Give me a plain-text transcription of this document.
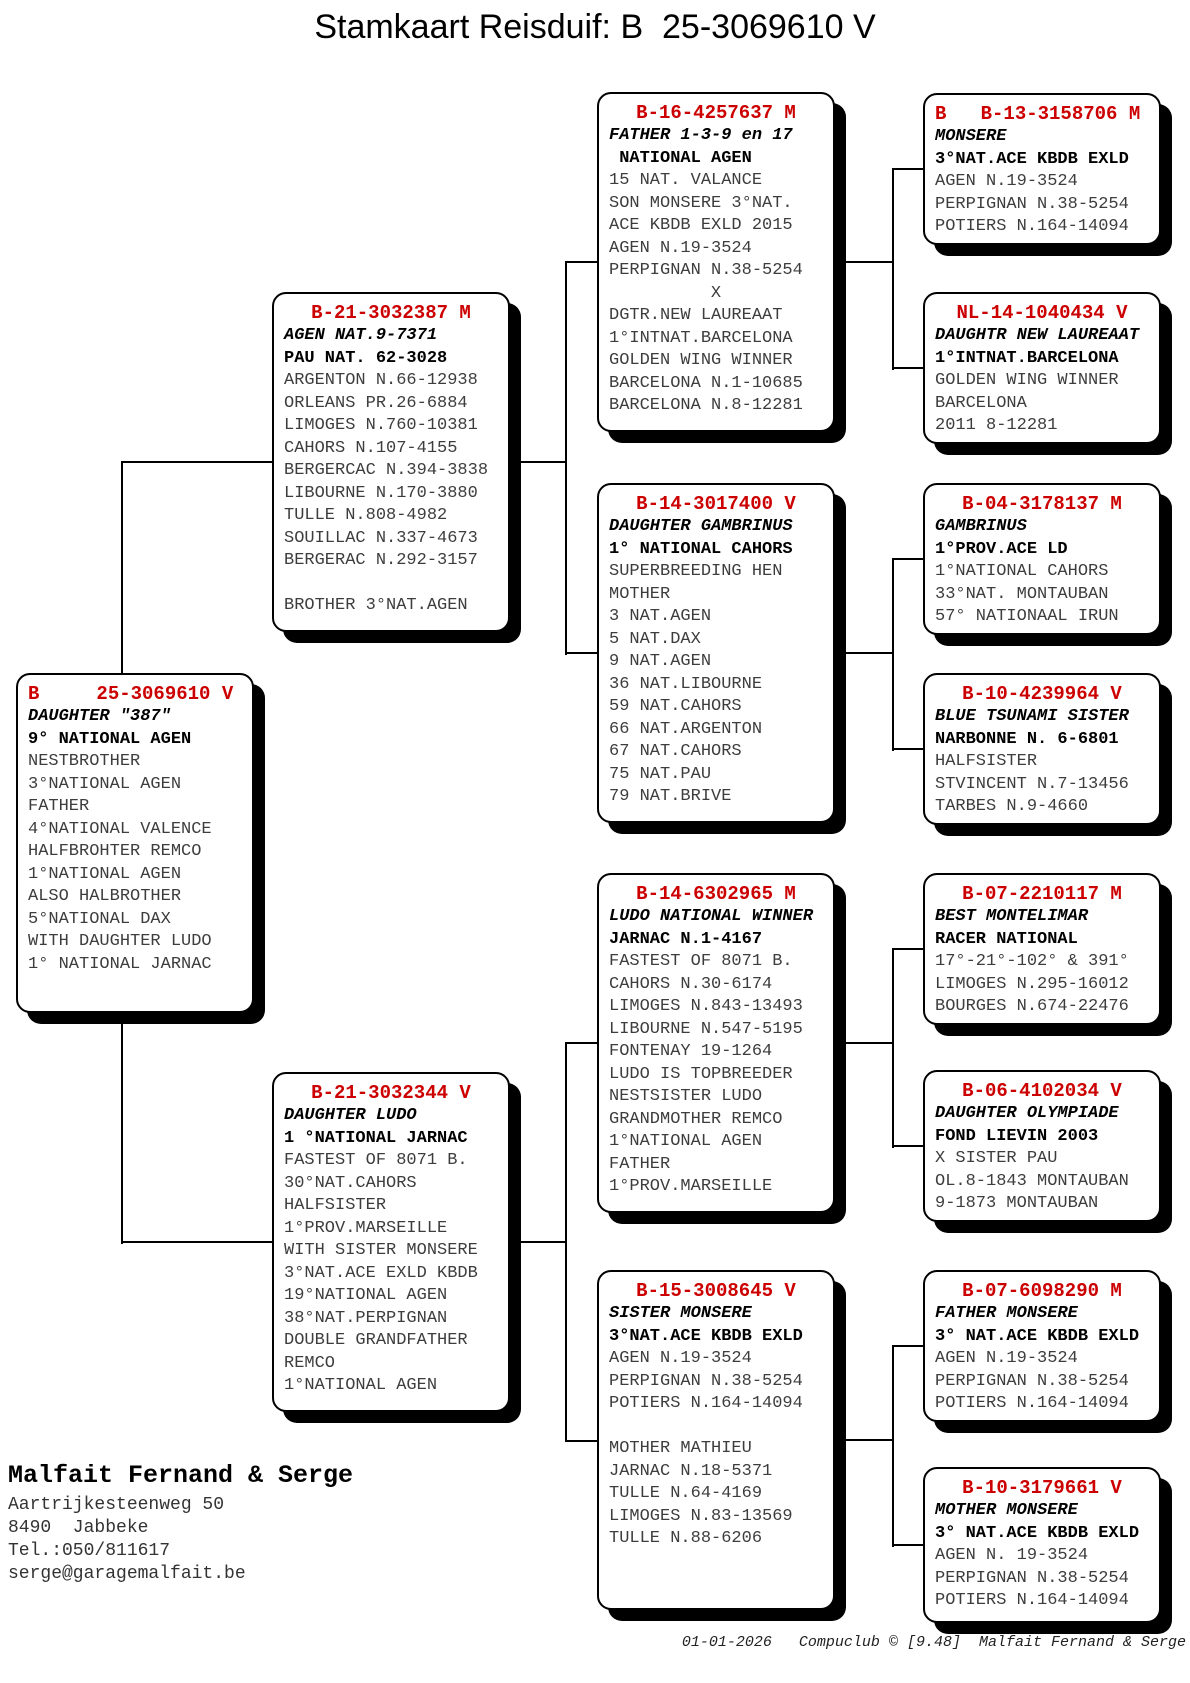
Stamkaart Reisduif: B  25-3069610 V
B     25-3069610 V
DAUGHTER "387"
9° NATIONAL AGEN
NESTBROTHER
3°NATIONAL AGEN
FATHER
4°NATIONAL VALENCE
HALFBROHTER REMCO
1°NATIONAL AGEN
ALSO HALBROTHER
5°NATIONAL DAX
WITH DAUGHTER LUDO
1° NATIONAL JARNAC
B-21-3032387 M
AGEN NAT.9-7371
PAU NAT. 62-3028
ARGENTON N.66-12938
ORLEANS PR.26-6884
LIMOGES N.760-10381
CAHORS N.107-4155
BERGERCAC N.394-3838
LIBOURNE N.170-3880
TULLE N.808-4982
SOUILLAC N.337-4673
BERGERAC N.292-3157

BROTHER 3°NAT.AGEN
B-21-3032344 V
DAUGHTER LUDO
1 °NATIONAL JARNAC
FASTEST OF 8071 B.
30°NAT.CAHORS
HALFSISTER
1°PROV.MARSEILLE
WITH SISTER MONSERE
3°NAT.ACE EXLD KBDB
19°NATIONAL AGEN
38°NAT.PERPIGNAN
DOUBLE GRANDFATHER
REMCO
1°NATIONAL AGEN
B-16-4257637 M
FATHER 1-3-9 en 17
NATIONAL AGEN
15 NAT. VALANCE
SON MONSERE 3°NAT.
ACE KBDB EXLD 2015
AGEN N.19-3524
PERPIGNAN N.38-5254
X
DGTR.NEW LAUREAAT
1°INTNAT.BARCELONA
GOLDEN WING WINNER
BARCELONA N.1-10685
BARCELONA N.8-12281
B-14-3017400 V
DAUGHTER GAMBRINUS
1° NATIONAL CAHORS
SUPERBREEDING HEN
MOTHER
3 NAT.AGEN
5 NAT.DAX
9 NAT.AGEN
36 NAT.LIBOURNE
59 NAT.CAHORS
66 NAT.ARGENTON
67 NAT.CAHORS
75 NAT.PAU
79 NAT.BRIVE
B-14-6302965 M
LUDO NATIONAL WINNER
JARNAC N.1-4167
FASTEST OF 8071 B.
CAHORS N.30-6174
LIMOGES N.843-13493
LIBOURNE N.547-5195
FONTENAY 19-1264
LUDO IS TOPBREEDER
NESTSISTER LUDO
GRANDMOTHER REMCO
1°NATIONAL AGEN
FATHER
1°PROV.MARSEILLE
B-15-3008645 V
SISTER MONSERE
3°NAT.ACE KBDB EXLD
AGEN N.19-3524
PERPIGNAN N.38-5254
POTIERS N.164-14094

MOTHER MATHIEU
JARNAC N.18-5371
TULLE N.64-4169
LIMOGES N.83-13569
TULLE N.88-6206
B   B-13-3158706 M
MONSERE
3°NAT.ACE KBDB EXLD
AGEN N.19-3524
PERPIGNAN N.38-5254
POTIERS N.164-14094
NL-14-1040434 V
DAUGHTR NEW LAUREAAT
1°INTNAT.BARCELONA
GOLDEN WING WINNER
BARCELONA
2011 8-12281
B-04-3178137 M
GAMBRINUS
1°PROV.ACE LD
1°NATIONAL CAHORS
33°NAT. MONTAUBAN
57° NATIONAAL IRUN
B-10-4239964 V
BLUE TSUNAMI SISTER
NARBONNE N. 6-6801
HALFSISTER
STVINCENT N.7-13456
TARBES N.9-4660
B-07-2210117 M
BEST MONTELIMAR
RACER NATIONAL
17°-21°-102° & 391°
LIMOGES N.295-16012
BOURGES N.674-22476
B-06-4102034 V
DAUGHTER OLYMPIADE
FOND LIEVIN 2003
X SISTER PAU
OL.8-1843 MONTAUBAN
9-1873 MONTAUBAN
B-07-6098290 M
FATHER MONSERE
3° NAT.ACE KBDB EXLD
AGEN N.19-3524
PERPIGNAN N.38-5254
POTIERS N.164-14094
B-10-3179661 V
MOTHER MONSERE
3° NAT.ACE KBDB EXLD
AGEN N. 19-3524
PERPIGNAN N.38-5254
POTIERS N.164-14094
Malfait Fernand & Serge
Aartrijkesteenweg 50
8490  Jabbeke
Tel.:050/811617
serge@garagemalfait.be
01-01-2026   Compuclub © [9.48]  Malfait Fernand & Serge
